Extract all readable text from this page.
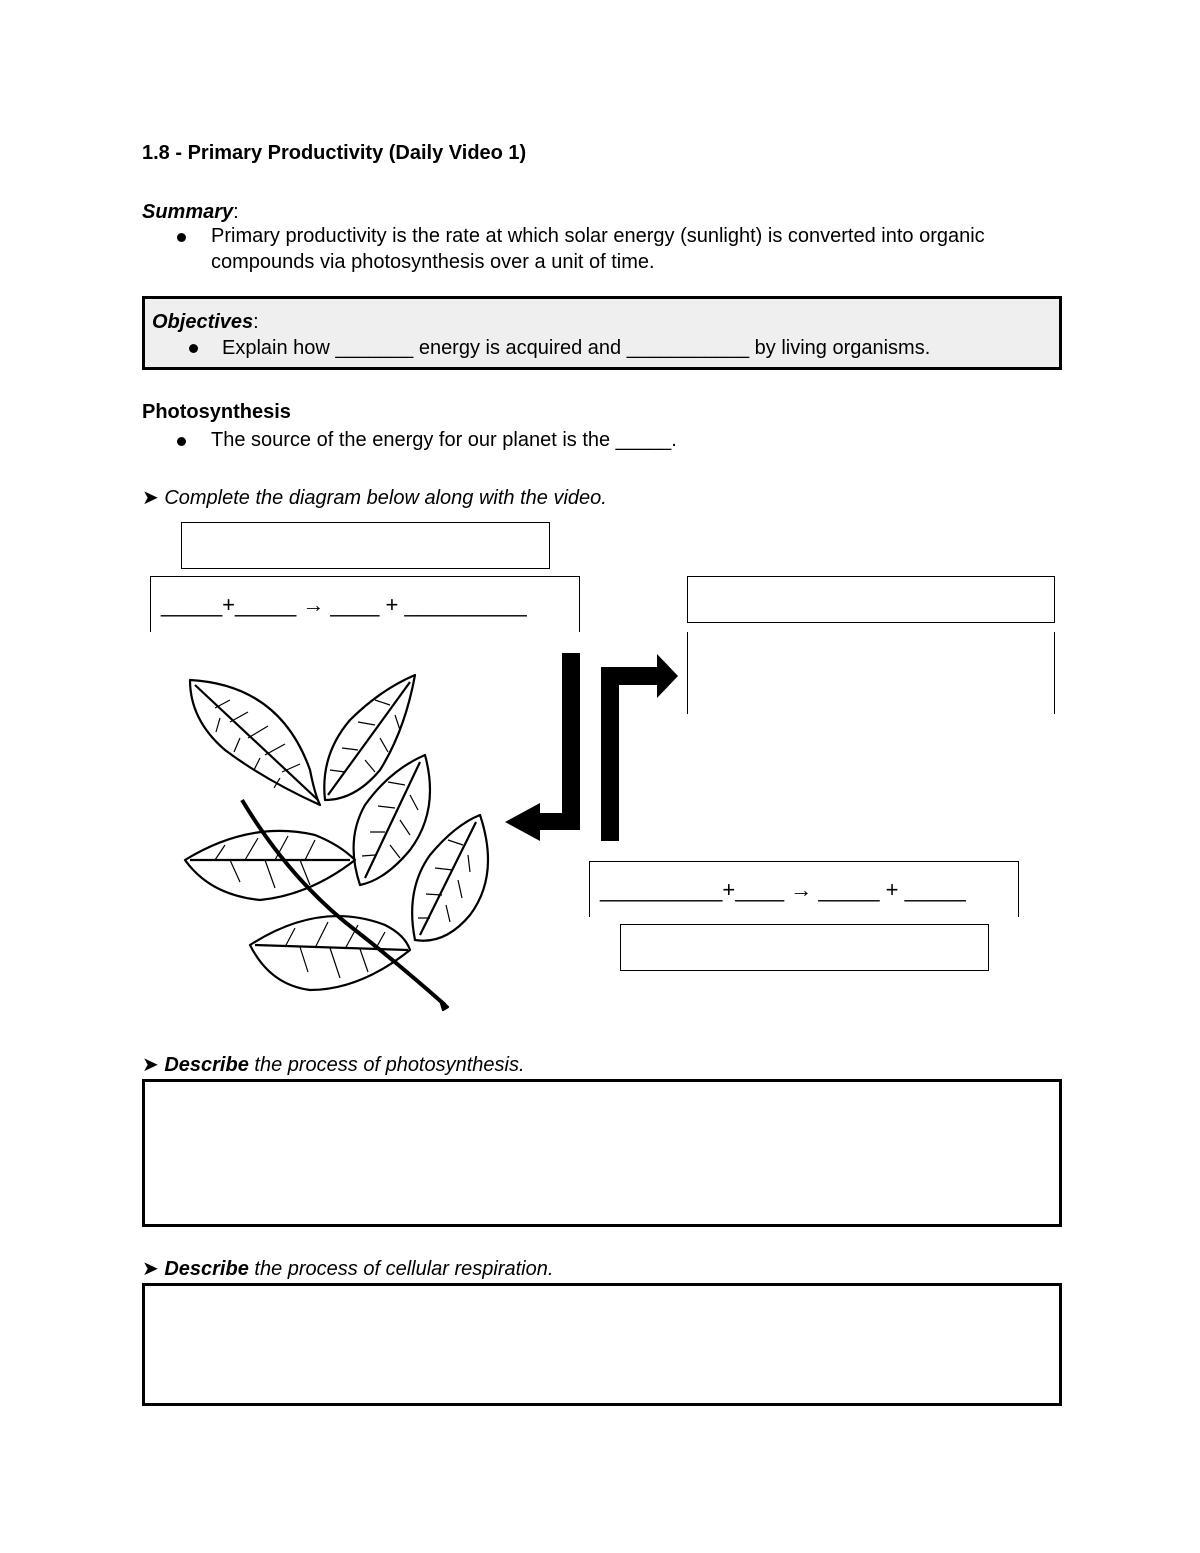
1.8 - Primary Productivity (Daily Video 1)
Summary:
Primary productivity is the rate at which solar energy (sunlight) is converted into organic
compounds via photosynthesis over a unit of time.
Objectives:
Explain how _______ energy is acquired and ___________ by living organisms.
Photosynthesis
The source of the energy for our planet is the _____.
➤ Complete the diagram below along with the video.
_____+_____ → ____ + __________
__________+____ → _____ + _____
➤ Describe the process of photosynthesis.
➤ Describe the process of cellular respiration.
